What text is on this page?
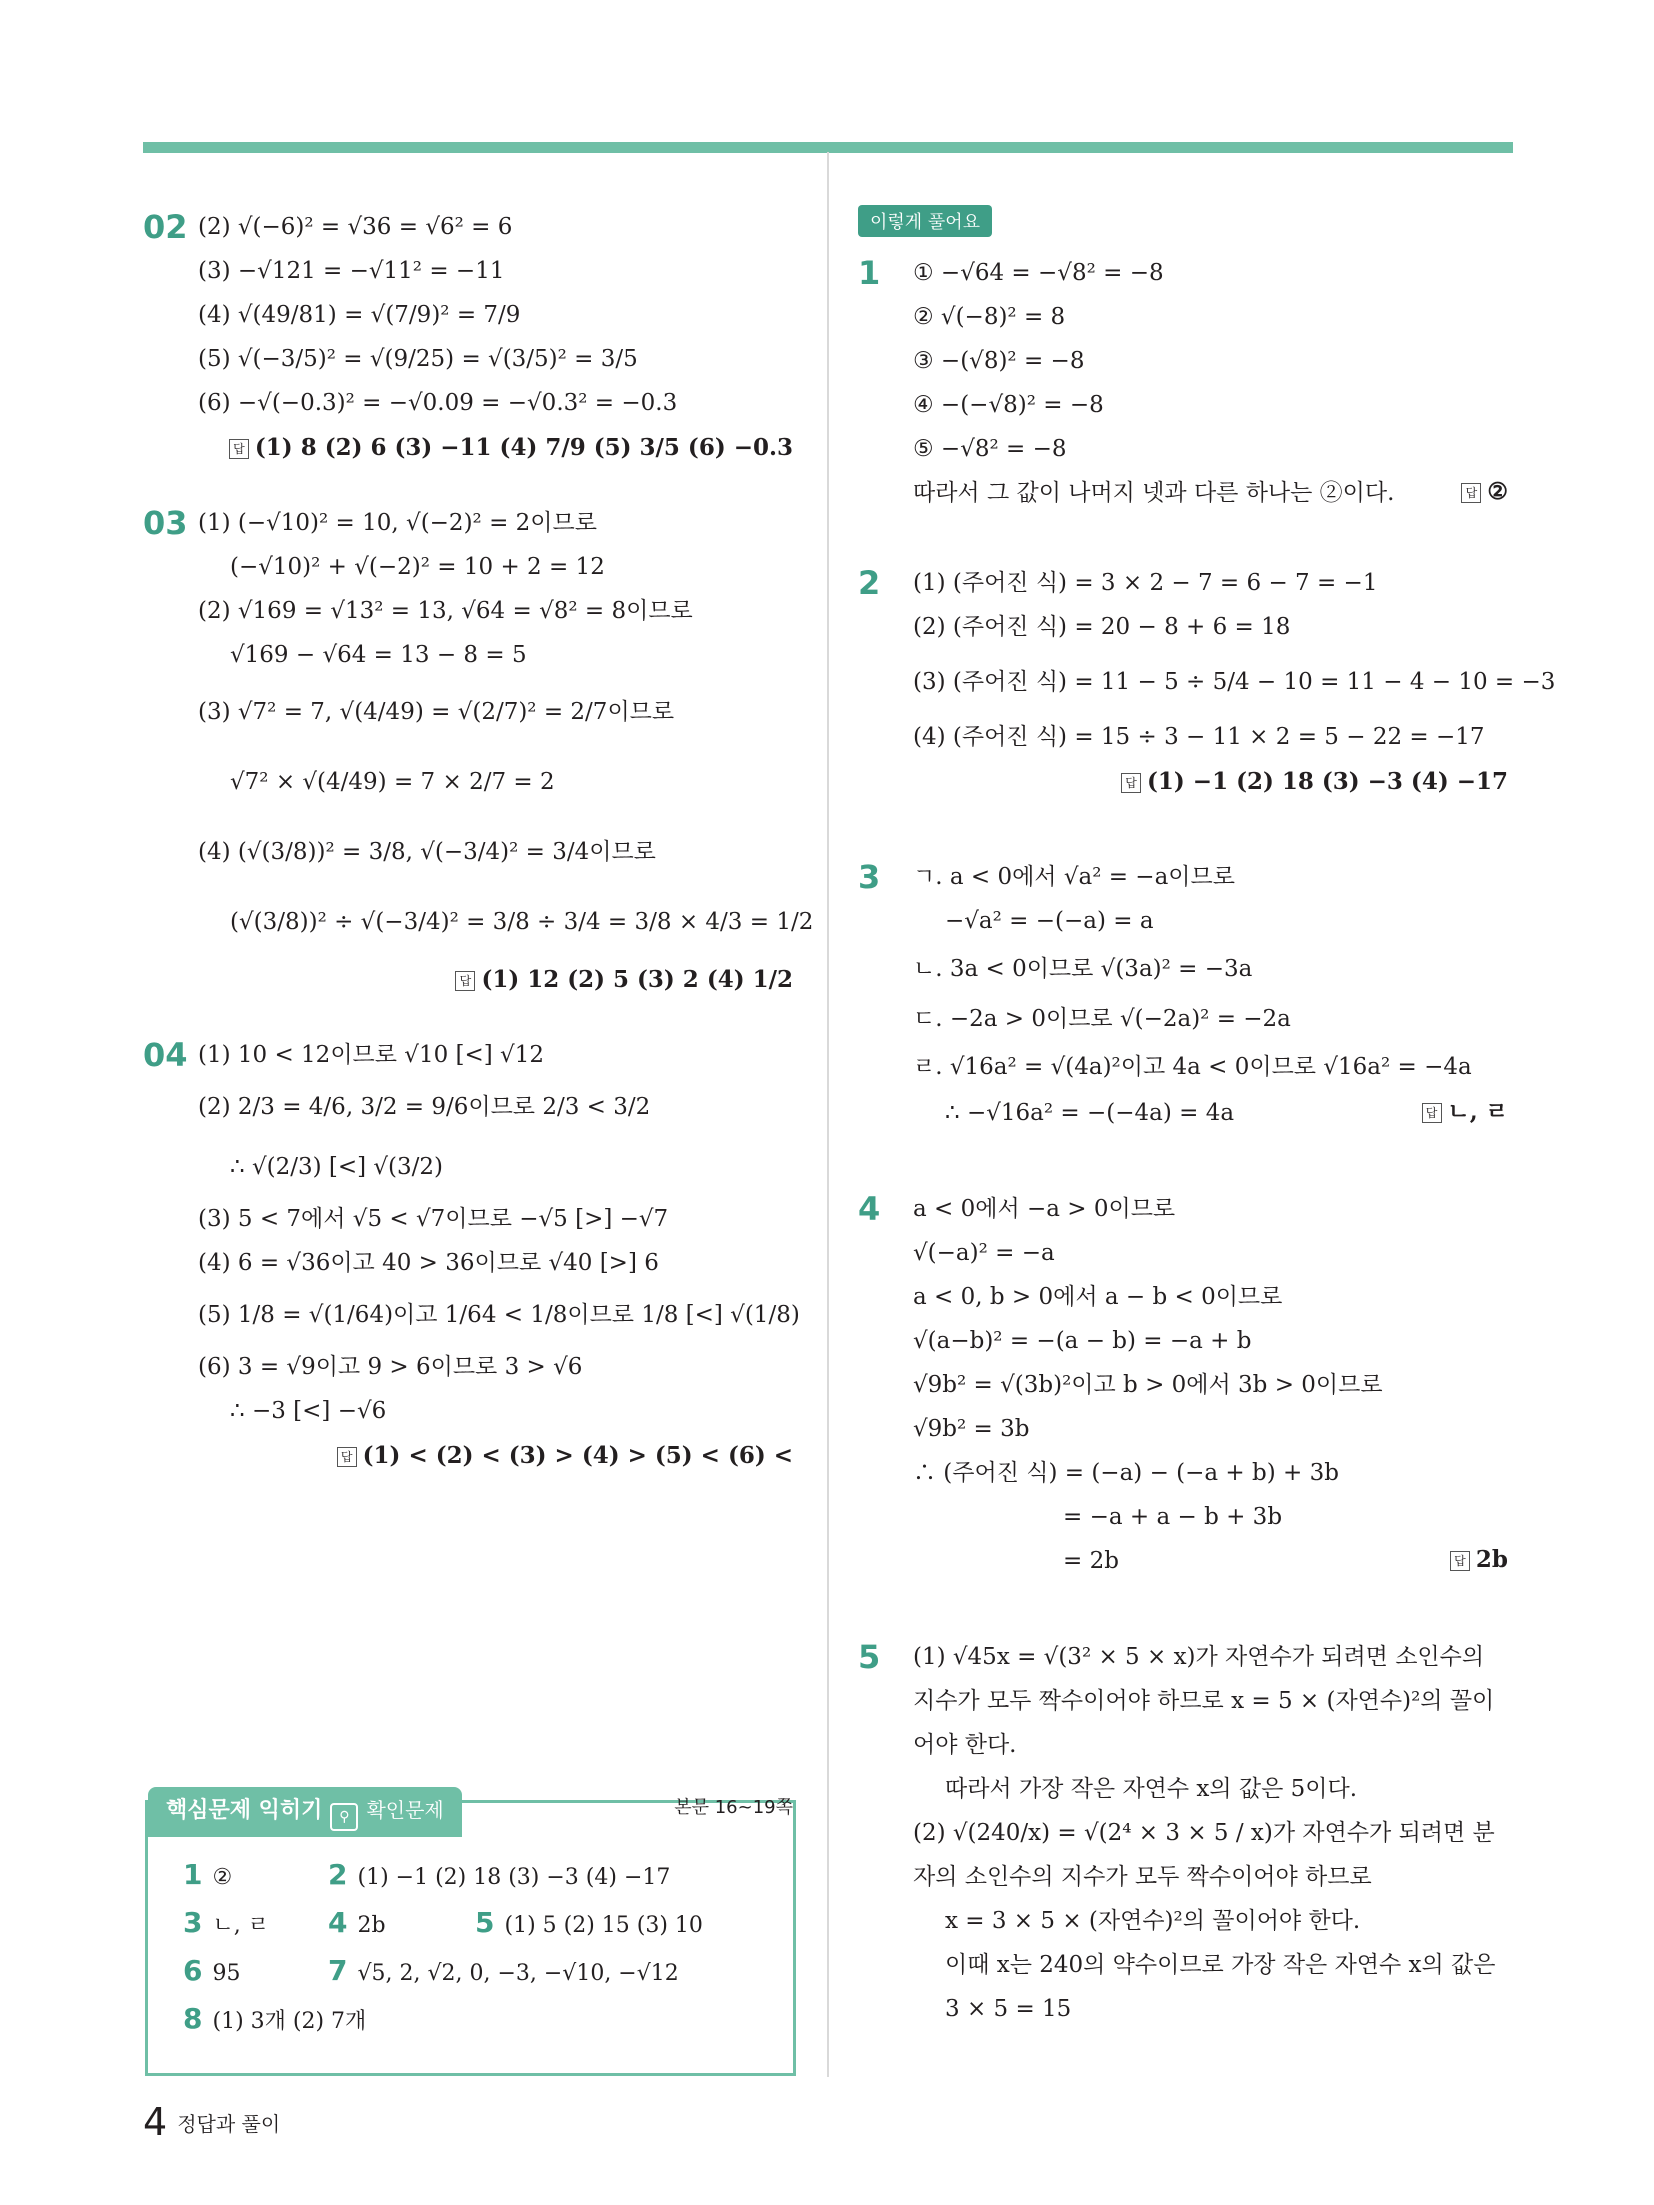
02 (2) √(−6)² = √36 = √6² = 6
(3) −√121 = −√11² = −11
(4) √(49/81) = √(7/9)² = 7/9
(5) √(−3/5)² = √(9/25) = √(3/5)² = 3/5
(6) −√(−0.3)² = −√0.09 = −√0.3² = −0.3
답 (1) 8 (2) 6 (3) −11 (4) 7/9 (5) 3/5 (6) −0.3
03 (1) (−√10)² = 10, √(−2)² = 2이므로
(−√10)² + √(−2)² = 10 + 2 = 12
(2) √169 = √13² = 13, √64 = √8² = 8이므로
√169 − √64 = 13 − 8 = 5
(3) √7² = 7, √(4/49) = √(2/7)² = 2/7이므로
√7² × √(4/49) = 7 × 2/7 = 2
(4) (√(3/8))² = 3/8, √(−3/4)² = 3/4이므로
(√(3/8))² ÷ √(−3/4)² = 3/8 ÷ 3/4 = 3/8 × 4/3 = 1/2
답 (1) 12 (2) 5 (3) 2 (4) 1/2
04 (1) 10 < 12이므로 √10 [<] √12
(2) 2/3 = 4/6, 3/2 = 9/6이므로 2/3 < 3/2
∴ √(2/3) [<] √(3/2)
(3) 5 < 7에서 √5 < √7이므로 −√5 [>] −√7
(4) 6 = √36이고 40 > 36이므로 √40 [>] 6
(5) 1/8 = √(1/64)이고 1/64 < 1/8이므로 1/8 [<] √(1/8)
(6) 3 = √9이고 9 > 6이므로 3 > √6
∴ −3 [<] −√6
답 (1) < (2) < (3) > (4) > (5) < (6) <
이렇게 풀어요
1 ① −√64 = −√8² = −8
② √(−8)² = 8
③ −(√8)² = −8
④ −(−√8)² = −8
⑤ −√8² = −8
따라서 그 값이 나머지 넷과 다른 하나는 ②이다.	답 ②
2 (1) (주어진 식) = 3 × 2 − 7 = 6 − 7 = −1
(2) (주어진 식) = 20 − 8 + 6 = 18
(3) (주어진 식) = 11 − 5 ÷ 5/4 − 10 = 11 − 4 − 10 = −3
(4) (주어진 식) = 15 ÷ 3 − 11 × 2 = 5 − 22 = −17
답 (1) −1 (2) 18 (3) −3 (4) −17
3 ㄱ. a < 0에서 √a² = −a이므로
−√a² = −(−a) = a
ㄴ. 3a < 0이므로 √(3a)² = −3a
ㄷ. −2a > 0이므로 √(−2a)² = −2a
ㄹ. √16a² = √(4a)²이고 4a < 0이므로 √16a² = −4a
∴ −√16a² = −(−4a) = 4a	답 ㄴ, ㄹ
4 a < 0에서 −a > 0이므로
√(−a)² = −a
a < 0, b > 0에서 a − b < 0이므로
√(a−b)² = −(a − b) = −a + b
√9b² = √(3b)²이고 b > 0에서 3b > 0이므로
√9b² = 3b
∴ (주어진 식) = (−a) − (−a + b) + 3b
= −a + a − b + 3b
= 2b	답 2b
5 (1) √45x = √(3² × 5 × x)가 자연수가 되려면 소인수의 지수가 모두 짝수이어야 하므로 x = 5 × (자연수)²의 꼴이어야 한다.
따라서 가장 작은 자연수 x의 값은 5이다.
(2) √(240/x) = √(2⁴ × 3 × 5 / x)가 자연수가 되려면 분자의 소인수의 지수가 모두 짝수이어야 하므로
x = 3 × 5 × (자연수)²의 꼴이어야 한다.
이때 x는 240의 약수이므로 가장 작은 자연수 x의 값은
3 × 5 = 15
핵심문제 익히기 ⚲ 확인문제	본문 16~19쪽
1 ②	2 (1) −1 (2) 18 (3) −3 (4) −17
3 ㄴ, ㄹ 4 2b	5 (1) 5 (2) 15 (3) 10
6 95	7 √5, 2, √2, 0, −3, −√10, −√12
8 (1) 3개 (2) 7개
4 정답과 풀이
